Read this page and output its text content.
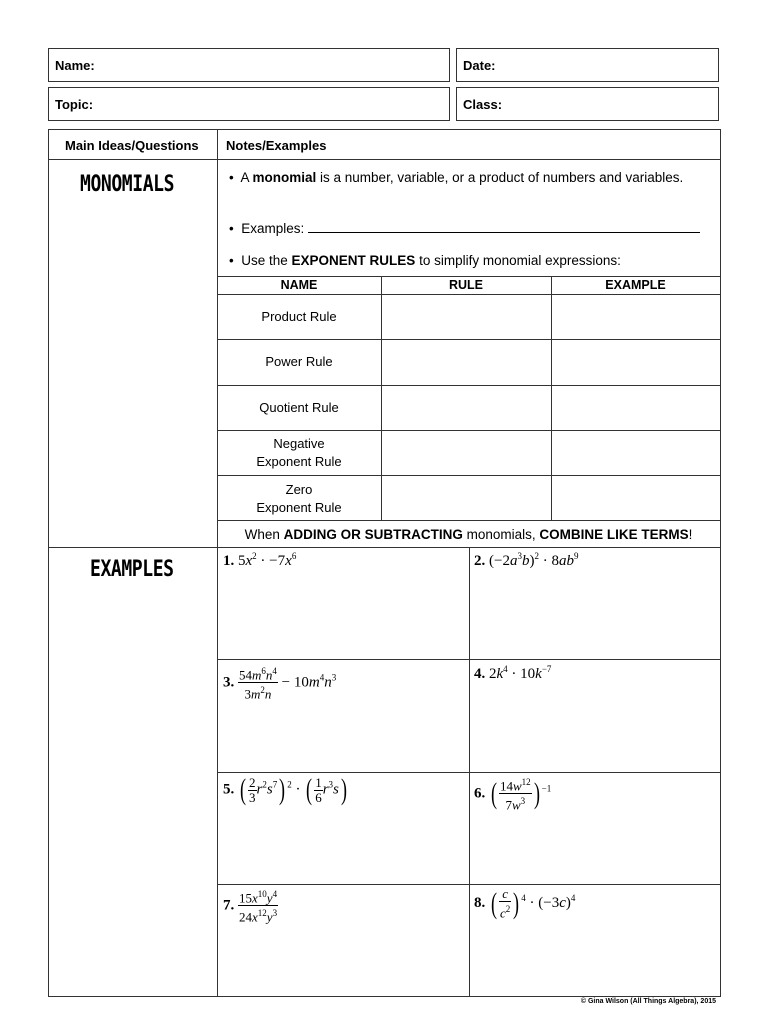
Name:	Date:
Topic:	Class:
Main Ideas/Questions Notes/Examples
MONOMIALS	• A monomial is a number, variable, or a product of numbers and variables.
• Examples:
• Use the EXPONENT RULES to simplify monomial expressions:
NAME	RULE	EXAMPLE
Product Rule
Power Rule
Quotient Rule
Negative
Exponent Rule
Zero
Exponent Rule
When ADDING OR SUBTRACTING monomials, COMBINE LIKE TERMS!
EXAMPLES	1. $5x^2 \cdot -7x^6$	2. $(-2a^3b)^2 \cdot 8ab^9$
3. $\frac{54m^6n^4}{3m^2n} - 10m^4n^3$	4. $2k^4 \cdot 10k^{-7}$
5. ( $\frac{2}{3} r^2s^7$) $^2$ · ( $\frac{1}{6} r^3s$)	6. ( $\frac{14w^{12}}{7w^3}$ ) $^{-1}$
7. $\frac{15x^{10}y^4}{24x^{12}y^3}$	8. ( $\frac{c}{c^2}$ ) $^4 \cdot (-3c)^4$
© Gina Wilson (All Things Algebra), 2015
